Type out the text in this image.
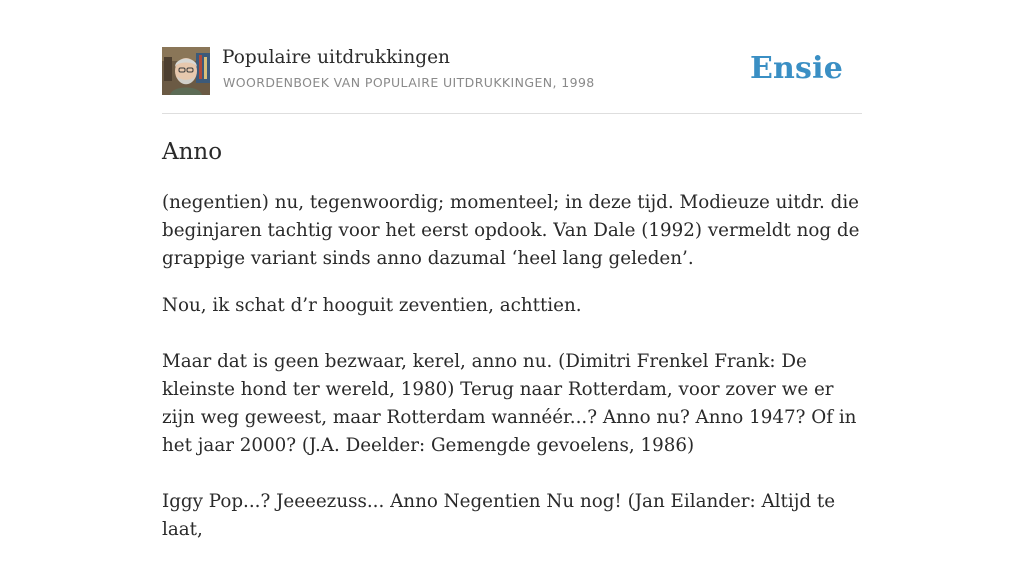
Populaire uitdrukkingen
WOORDENBOEK VAN POPULAIRE UITDRUKKINGEN, 1998	Ensie
Anno

(negentien) nu, tegenwoordig; momenteel; in deze tijd. Modieuze uitdr. die beginjaren tachtig voor het eerst opdook. Van Dale (1992) vermeldt nog de grappige variant sinds anno dazumal ‘heel lang geleden’.

Nou, ik schat d’r hooguit zeventien, achttien.

Maar dat is geen bezwaar, kerel, anno nu. (Dimitri Frenkel Frank: De kleinste hond ter wereld, 1980) Terug naar Rotterdam, voor zover we er zijn weg geweest, maar Rotterdam wannéér...? Anno nu? Anno 1947? Of in het jaar 2000? (J.A. Deelder: Gemengde gevoelens, 1986)

Iggy Pop...? Jeeeezuss... Anno Negentien Nu nog! (Jan Eilander: Altijd te laat,
